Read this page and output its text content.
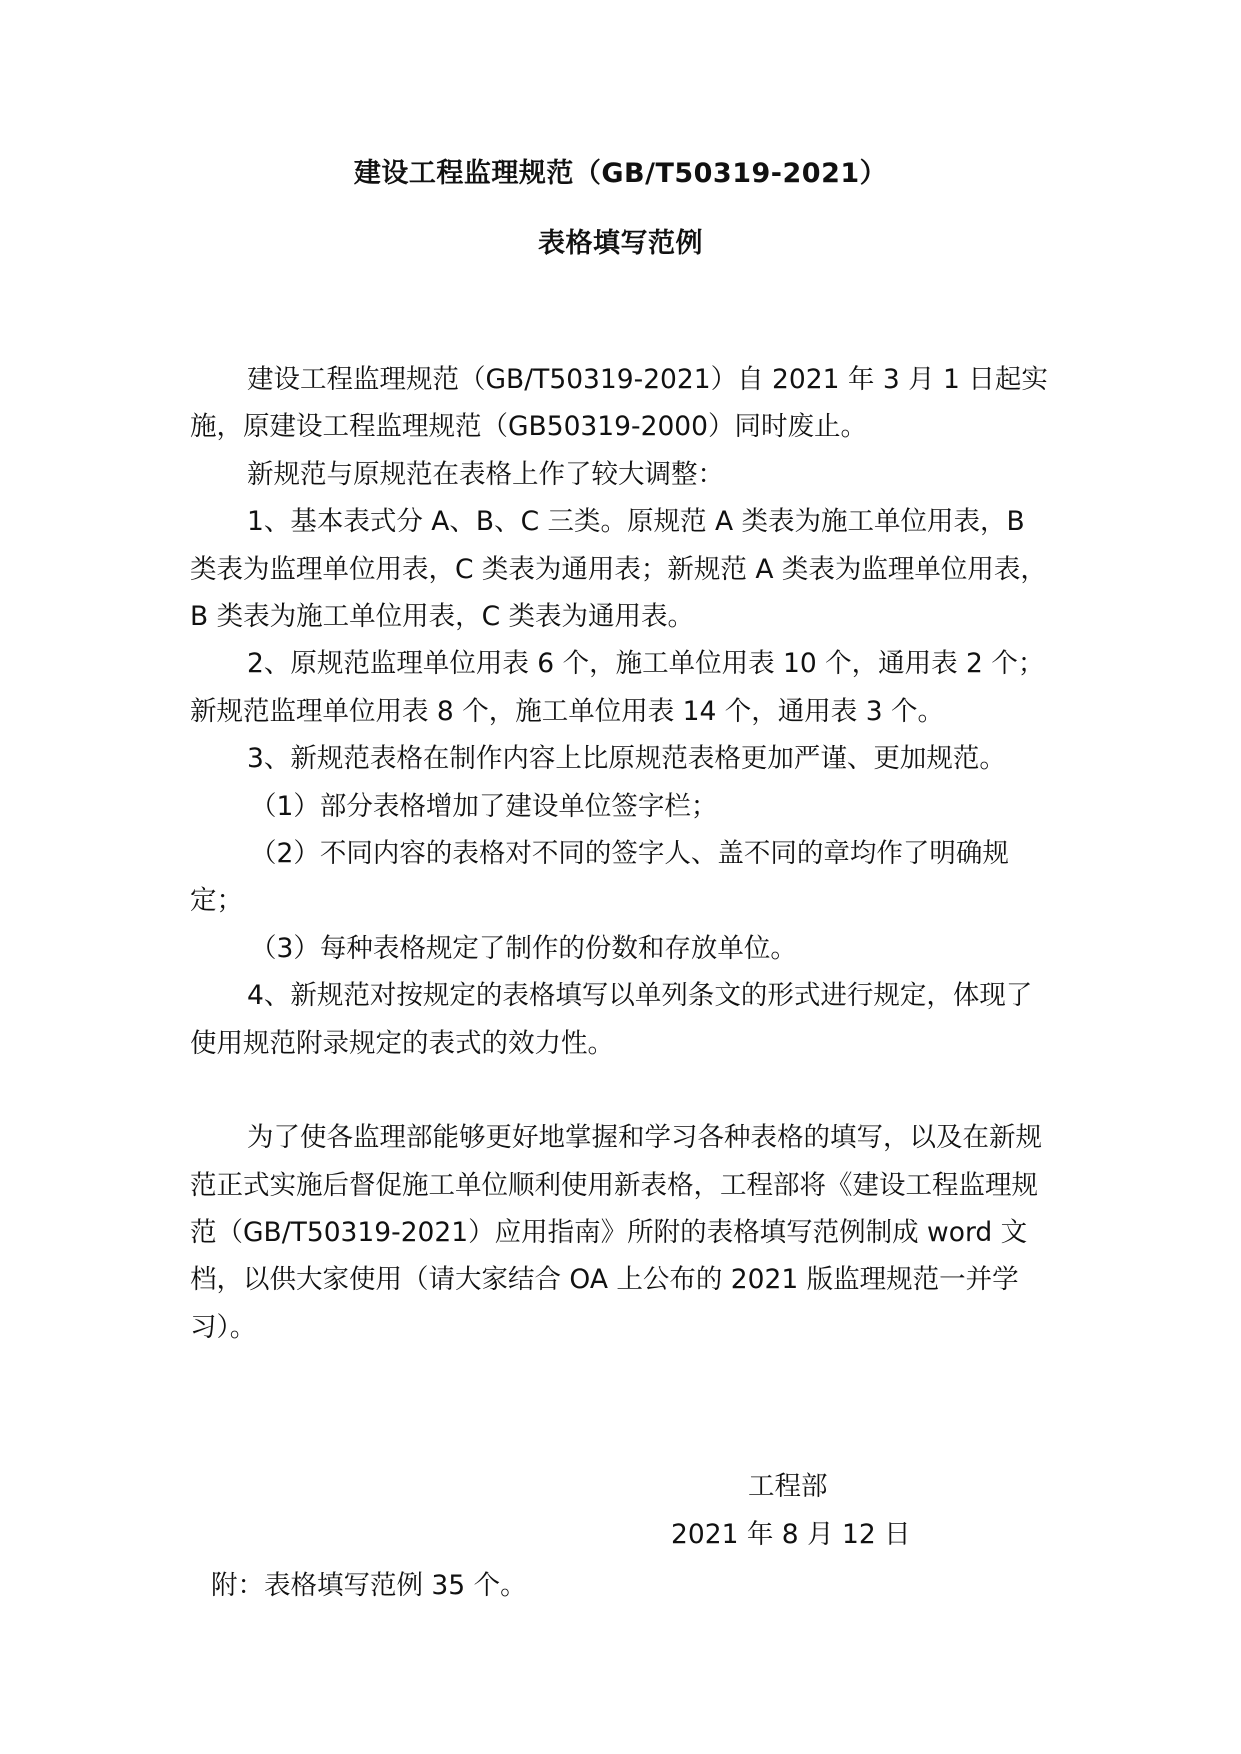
建设工程监理规范（GB/T50319-2021）
表格填写范例

建设工程监理规范（GB/T50319-2021）自 2021 年 3 月 1 日起实施，原建设工程监理规范（GB50319-2000）同时废止。

新规范与原规范在表格上作了较大调整：

1、基本表式分 A、B、C 三类。原规范 A 类表为施工单位用表，B 类表为监理单位用表，C 类表为通用表；新规范 A 类表为监理单位用表，B 类表为施工单位用表，C 类表为通用表。

2、原规范监理单位用表 6 个，施工单位用表 10 个，通用表 2 个；新规范监理单位用表 8 个，施工单位用表 14 个，通用表 3 个。

3、新规范表格在制作内容上比原规范表格更加严谨、更加规范。

（1）部分表格增加了建设单位签字栏；

（2）不同内容的表格对不同的签字人、盖不同的章均作了明确规定；

（3）每种表格规定了制作的份数和存放单位。

4、新规范对按规定的表格填写以单列条文的形式进行规定，体现了使用规范附录规定的表式的效力性。

为了使各监理部能够更好地掌握和学习各种表格的填写，以及在新规范正式实施后督促施工单位顺利使用新表格，工程部将《建设工程监理规范（GB/T50319-2021）应用指南》所附的表格填写范例制成 word 文档，以供大家使用（请大家结合 OA 上公布的 2021 版监理规范一并学习）。

工程部
2021 年 8 月 12 日
附：表格填写范例 35 个。
